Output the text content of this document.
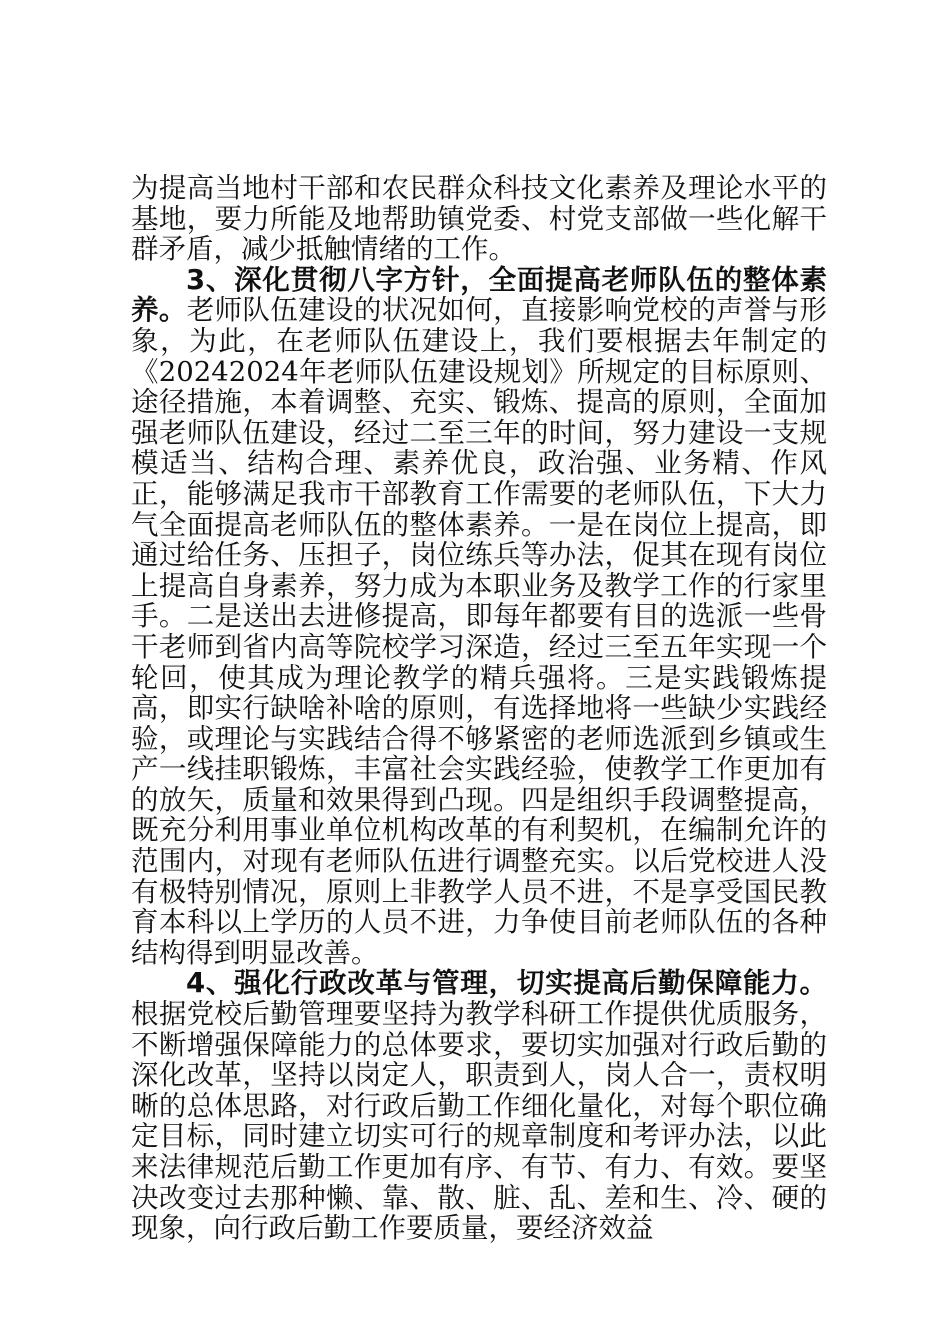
为提高当地村干部和农民群众科技文化素养及理论水平的基地，要力所能及地帮助镇党委、村党支部做一些化解干群矛盾，减少抵触情绪的工作。

3、深化贯彻八字方针，全面提高老师队伍的整体素养。老师队伍建设的状况如何，直接影响党校的声誉与形象，为此，在老师队伍建设上，我们要根据去年制定的《20242024年老师队伍建设规划》所规定的目标原则、途径措施，本着调整、充实、锻炼、提高的原则，全面加强老师队伍建设，经过二至三年的时间，努力建设一支规模适当、结构合理、素养优良，政治强、业务精、作风正，能够满足我市干部教育工作需要的老师队伍，下大力气全面提高老师队伍的整体素养。一是在岗位上提高，即通过给任务、压担子，岗位练兵等办法，促其在现有岗位上提高自身素养，努力成为本职业务及教学工作的行家里手。二是送出去进修提高，即每年都要有目的选派一些骨干老师到省内高等院校学习深造，经过三至五年实现一个轮回，使其成为理论教学的精兵强将。三是实践锻炼提高，即实行缺啥补啥的原则，有选择地将一些缺少实践经验，或理论与实践结合得不够紧密的老师选派到乡镇或生产一线挂职锻炼，丰富社会实践经验，使教学工作更加有的放矢，质量和效果得到凸现。四是组织手段调整提高，既充分利用事业单位机构改革的有利契机，在编制允许的范围内，对现有老师队伍进行调整充实。以后党校进人没有极特别情况，原则上非教学人员不进，不是享受国民教育本科以上学历的人员不进，力争使目前老师队伍的各种结构得到明显改善。

4、强化行政改革与管理，切实提高后勤保障能力。根据党校后勤管理要坚持为教学科研工作提供优质服务，不断增强保障能力的总体要求，要切实加强对行政后勤的深化改革，坚持以岗定人，职责到人，岗人合一，责权明晰的总体思路，对行政后勤工作细化量化，对每个职位确定目标，同时建立切实可行的规章制度和考评办法，以此来法律规范后勤工作更加有序、有节、有力、有效。要坚决改变过去那种懒、靠、散、脏、乱、差和生、冷、硬的现象，向行政后勤工作要质量，要经济效益
